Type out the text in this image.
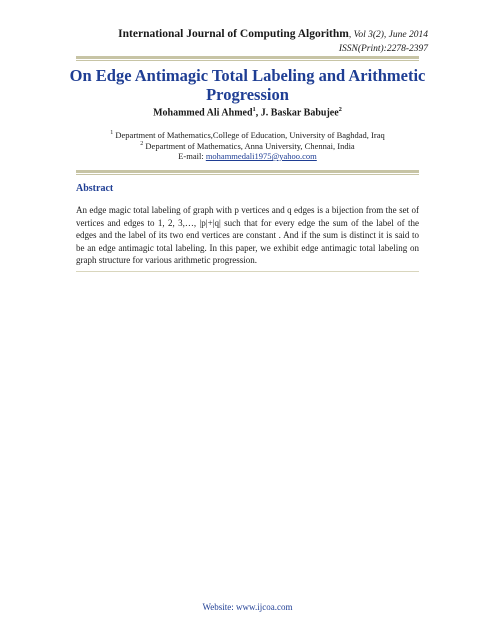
International Journal of Computing Algorithm, Vol 3(2), June 2014
ISSN(Print):2278-2397
On Edge Antimagic Total Labeling and Arithmetic Progression
Mohammed Ali Ahmed$^1$, J. Baskar Babujee$^2$
$^1$ Department of Mathematics,College of Education, University of Baghdad, Iraq
$^2$ Department of Mathematics, Anna University, Chennai, India
E-mail: mohammedali1975@yahoo.com
Abstract
An edge magic total labeling of graph with p vertices and q edges is a bijection from the set of vertices and edges to 1, 2, 3,…, |p|+|q| such that for every edge the sum of the label of the edges and the label of its two end vertices are constant . And if the sum is distinct it is said to be an edge antimagic total labeling. In this paper, we exhibit edge antimagic total labeling on graph structure for various arithmetic progression.
Website: www.ijcoa.com
